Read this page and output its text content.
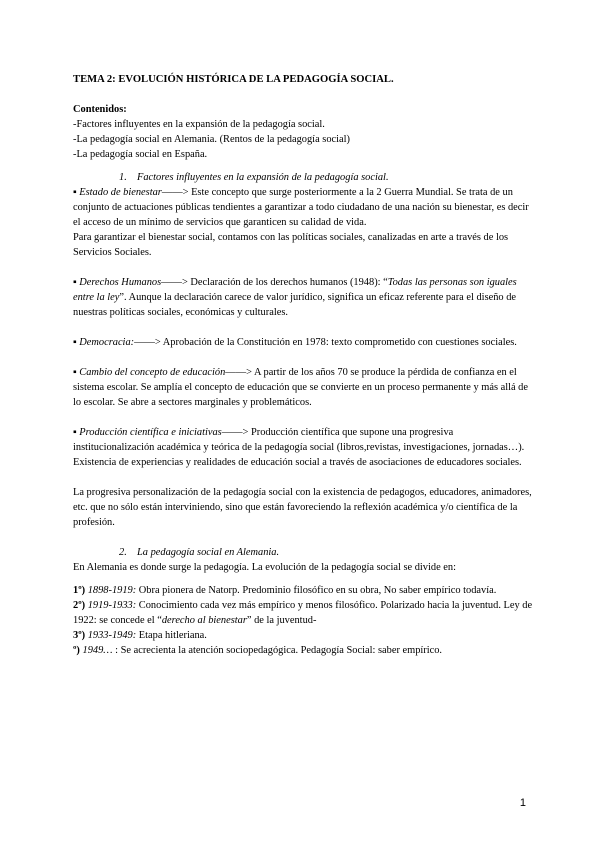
TEMA 2: EVOLUCIÓN HISTÓRICA DE LA PEDAGOGÍA SOCIAL.

Contenidos:

-Factores influyentes en la expansión de la pedagogía social.

-La pedagogía social en Alemania. (Rentos de la pedagogía social)

-La pedagogía social en España.

1. Factores influyentes en la expansión de la pedagogía social.

▪ Estado de bienestar——> Este concepto que surge posteriormente a la 2 Guerra Mundial. Se trata de un conjunto de actuaciones públicas tendientes a garantizar a todo ciudadano de una nación su bienestar, es decir el acceso de un mínimo de servicios que garanticen su calidad de vida.

Para garantizar el bienestar social, contamos con las políticas sociales, canalizadas en arte a través de los Servicios Sociales.

▪ Derechos Humanos——> Declaración de los derechos humanos (1948): “Todas las personas son iguales entre la ley”. Aunque la declaración carece de valor jurídico, significa un eficaz referente para el diseño de nuestras políticas sociales, económicas y culturales.

▪ Democracia:——> Aprobación de la Constitución en 1978: texto comprometido con cuestiones sociales.

▪ Cambio del concepto de educación——> A partir de los años 70 se produce la pérdida de confianza en el sistema escolar. Se amplía el concepto de educación que se convierte en un proceso permanente y más allá de lo escolar. Se abre a sectores marginales y problemáticos.

▪ Producción científica e iniciativas——> Producción científica que supone una progresiva institucionalización académica y teórica de la pedagogía social (libros,revistas, investigaciones, jornadas…). Existencia de experiencias y realidades de educación social a través de asociaciones de educadores sociales.

La progresiva personalización de la pedagogía social con la existencia de pedagogos, educadores, animadores, etc. que no sólo están interviniendo, sino que están favoreciendo la reflexión académica y/o científica de la profesión.

2. La pedagogía social en Alemania.

En Alemania es donde surge la pedagogía. La evolución de la pedagogía social se divide en:

1º) 1898-1919: Obra pionera de Natorp. Predominio filosófico en su obra, No saber empírico todavía.

2º) 1919-1933: Conocimiento cada vez más empírico y menos filosófico. Polarizado hacia la juventud. Ley de 1922: se concede el “derecho al bienestar” de la juventud-

3º) 1933-1949: Etapa hitleriana.

º) 1949… : Se acrecienta la atención sociopedagógica. Pedagogía Social: saber empírico.

1
